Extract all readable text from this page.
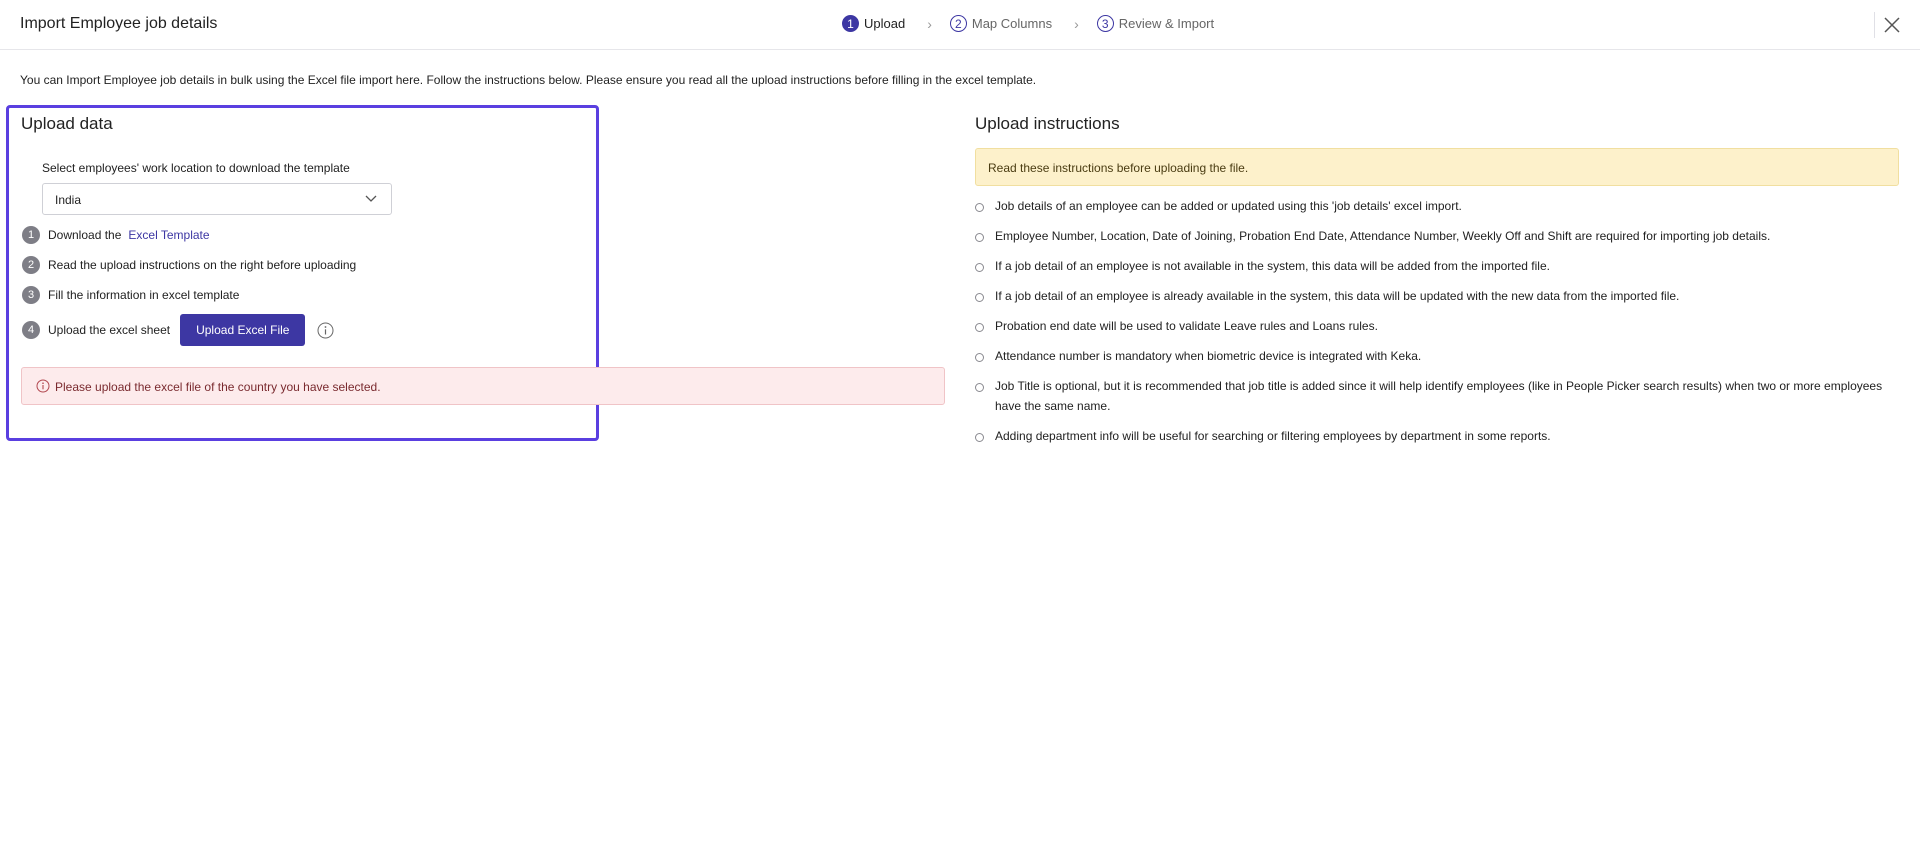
Import Employee job details	1 Upload ›	2 Map Columns ›	3 Review & Import
You can Import Employee job details in bulk using the Excel file import here. Follow the instructions below. Please ensure you read all the upload instructions before filling in the excel template.
Upload data
Select employees' work location to download the template
India
1	Download the Excel Template
2	Read the upload instructions on the right before uploading
3	Fill the information in excel template
4	Upload the excel sheet	Upload Excel File
Please upload the excel file of the country you have selected.
Upload instructions
Read these instructions before uploading the file.
Job details of an employee can be added or updated using this 'job details' excel import.
Employee Number, Location, Date of Joining, Probation End Date, Attendance Number, Weekly Off and Shift are required for importing job details.
If a job detail of an employee is not available in the system, this data will be added from the imported file.
If a job detail of an employee is already available in the system, this data will be updated with the new data from the imported file.
Probation end date will be used to validate Leave rules and Loans rules.
Attendance number is mandatory when biometric device is integrated with Keka.
Job Title is optional, but it is recommended that job title is added since it will help identify employees (like in People Picker search results) when two or more employees have the same name.
Adding department info will be useful for searching or filtering employees by department in some reports.
